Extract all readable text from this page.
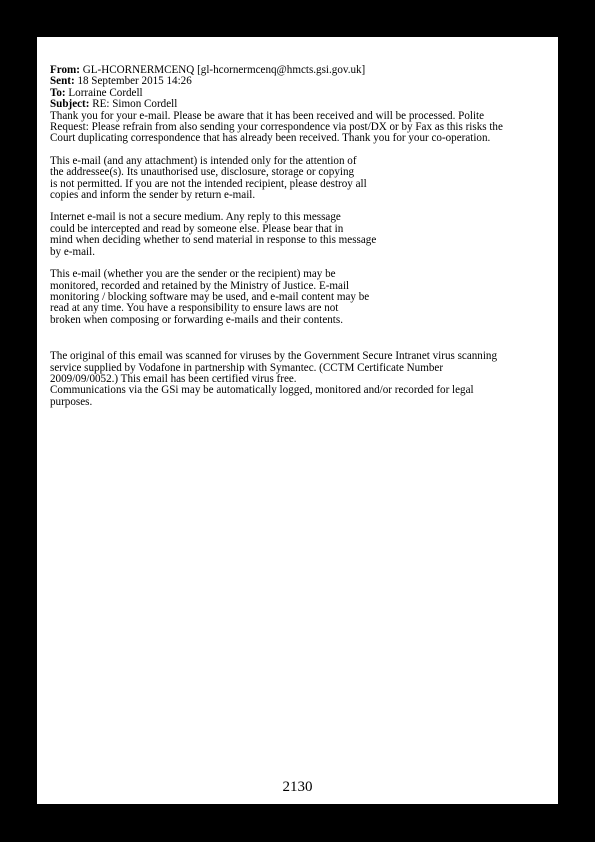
From: GL-HCORNERMCENQ [gl-hcornermcenq@hmcts.gsi.gov.uk]
Sent: 18 September 2015 14:26
To: Lorraine Cordell
Subject: RE: Simon Cordell
Thank you for your e-mail. Please be aware that it has been received and will be processed. Polite
Request: Please refrain from also sending your correspondence via post/DX or by Fax as this risks the
Court duplicating correspondence that has already been received. Thank you for your co-operation.
This e-mail (and any attachment) is intended only for the attention of
the addressee(s). Its unauthorised use, disclosure, storage or copying
is not permitted. If you are not the intended recipient, please destroy all
copies and inform the sender by return e-mail.
Internet e-mail is not a secure medium. Any reply to this message
could be intercepted and read by someone else. Please bear that in
mind when deciding whether to send material in response to this message
by e-mail.
This e-mail (whether you are the sender or the recipient) may be
monitored, recorded and retained by the Ministry of Justice. E-mail
monitoring / blocking software may be used, and e-mail content may be
read at any time. You have a responsibility to ensure laws are not
broken when composing or forwarding e-mails and their contents.
The original of this email was scanned for viruses by the Government Secure Intranet virus scanning
service supplied by Vodafone in partnership with Symantec. (CCTM Certificate Number
2009/09/0052.) This email has been certified virus free.
Communications via the GSi may be automatically logged, monitored and/or recorded for legal
purposes.
2130
